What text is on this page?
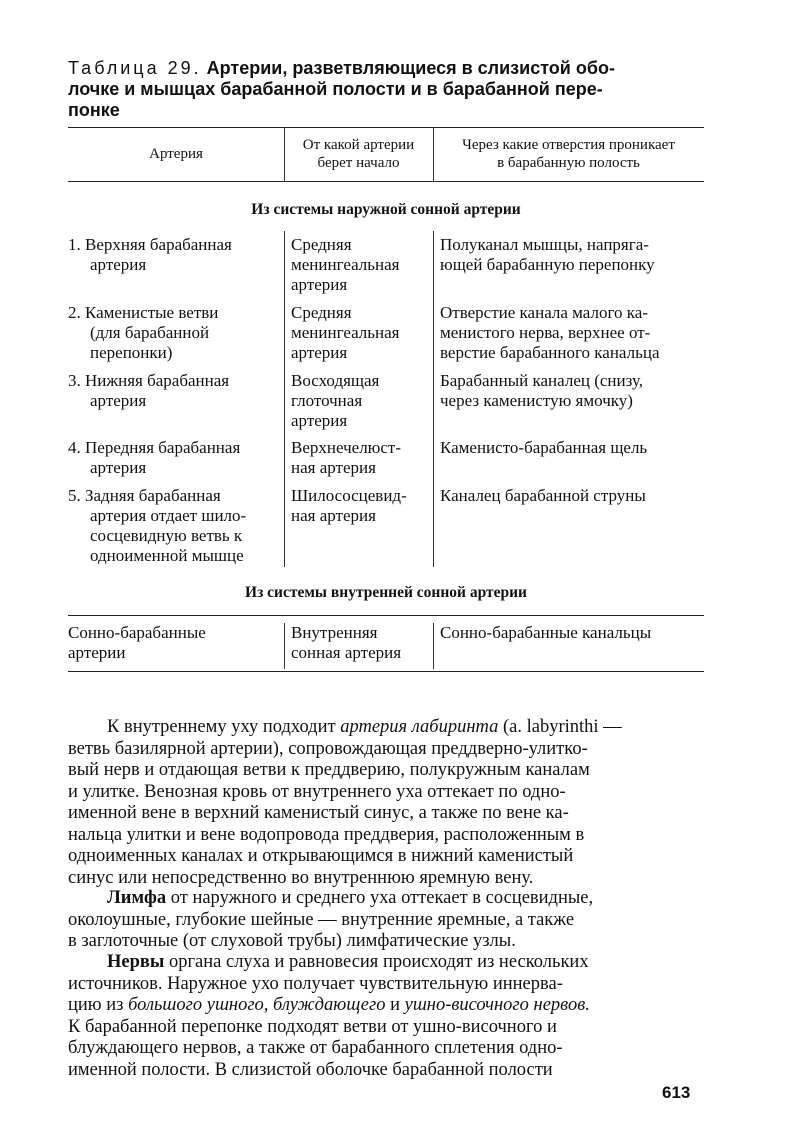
Таблица 29. Артерии, разветвляющиеся в слизистой обо-
лочке и мышцах барабанной полости и в барабанной пере-
понке
Артерия
От какой артерии
берет начало
Через какие отверстия проникает
в барабанную полость
Из системы наружной сонной артерии
1. Верхняя барабанная
артерия
Средняя
менингеальная
артерия
Полуканал мышцы, напряга-
ющей барабанную перепонку
2. Каменистые ветви
(для барабанной
перепонки)
Средняя
менингеальная
артерия
Отверстие канала малого ка-
менистого нерва, верхнее от-
верстие барабанного канальца
3. Нижняя барабанная
артерия
Восходящая
глоточная
артерия
Барабанный каналец (снизу,
через каменистую ямочку)
4. Передняя барабанная
артерия
Верхнечелюст-
ная артерия
Каменисто-барабанная щель
5. Задняя барабанная
артерия отдает шило-
сосцевидную ветвь к
одноименной мышце
Шилососцевид-
ная артерия
Каналец барабанной струны
Из системы внутренней сонной артерии
Сонно-барабанные
артерии
Внутренняя
сонная артерия
Сонно-барабанные канальцы
К внутреннему уху подходит артерия лабиринта (a. labyrinthi —
ветвь базилярной артерии), сопровождающая преддверно-улитко-
вый нерв и отдающая ветви к преддверию, полукружным каналам
и улитке. Венозная кровь от внутреннего уха оттекает по одно-
именной вене в верхний каменистый синус, а также по вене ка-
нальца улитки и вене водопровода преддверия, расположенным в
одноименных каналах и открывающимся в нижний каменистый
синус или непосредственно во внутреннюю яремную вену.
Лимфа от наружного и среднего уха оттекает в сосцевидные,
околоушные, глубокие шейные — внутренние яремные, а также
в заглоточные (от слуховой трубы) лимфатические узлы.
Нервы органа слуха и равновесия происходят из нескольких
источников. Наружное ухо получает чувствительную иннерва-
цию из большого ушного, блуждающего и ушно-височного нервов.
К барабанной перепонке подходят ветви от ушно-височного и
блуждающего нервов, а также от барабанного сплетения одно-
именной полости. В слизистой оболочке барабанной полости
613
